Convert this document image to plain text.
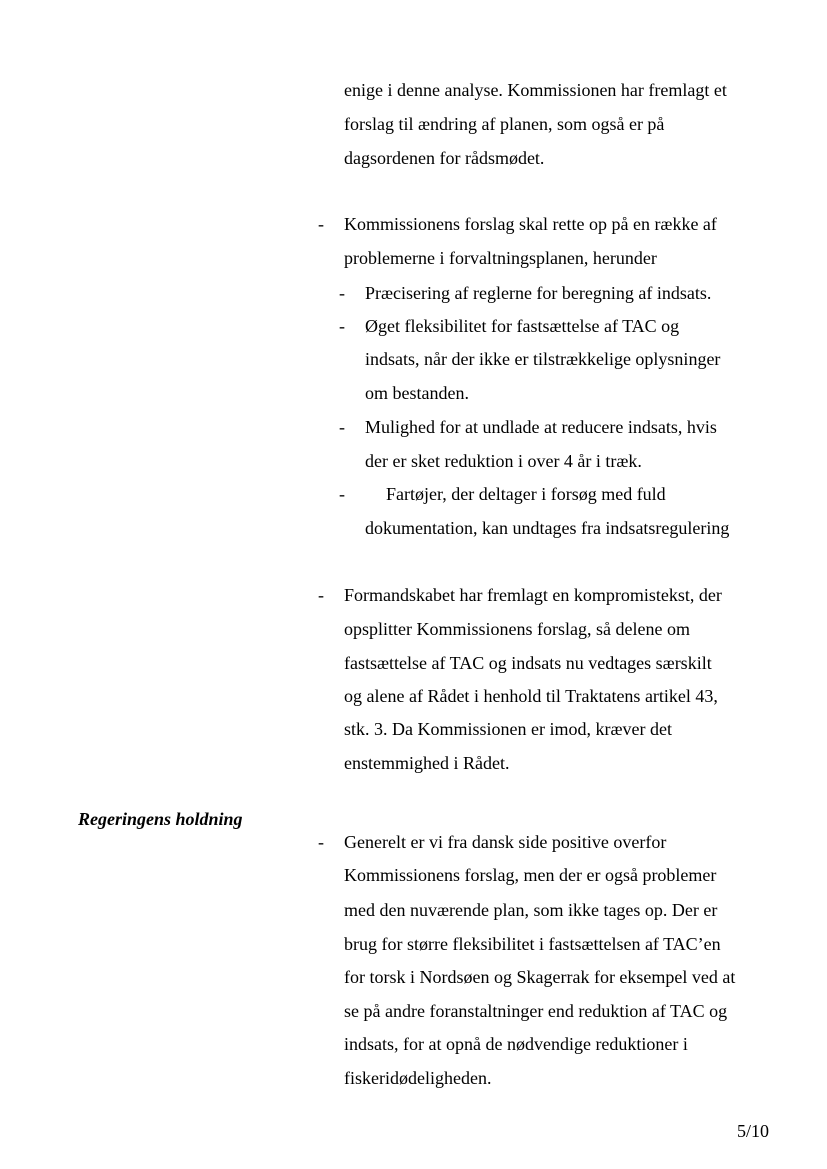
enige i denne analyse. Kommissionen har fremlagt et
forslag til ændring af planen, som også er på
dagsordenen for rådsmødet.
- Kommissionens forslag skal rette op på en række af
problemerne i forvaltningsplanen, herunder
- Præcisering af reglerne for beregning af indsats.
- Øget fleksibilitet for fastsættelse af TAC og
indsats, når der ikke er tilstrækkelige oplysninger
om bestanden.
- Mulighed for at undlade at reducere indsats, hvis
der er sket reduktion i over 4 år i træk.
- Fartøjer, der deltager i forsøg med fuld
dokumentation, kan undtages fra indsatsregulering
- Formandskabet har fremlagt en kompromistekst, der
opsplitter Kommissionens forslag, så delene om
fastsættelse af TAC og indsats nu vedtages særskilt
og alene af Rådet i henhold til Traktatens artikel 43,
stk. 3. Da Kommissionen er imod, kræver det
enstemmighed i Rådet.
Regeringens holdning
- Generelt er vi fra dansk side positive overfor
Kommissionens forslag, men der er også problemer
med den nuværende plan, som ikke tages op. Der er
brug for større fleksibilitet i fastsættelsen af TAC’en
for torsk i Nordsøen og Skagerrak for eksempel ved at
se på andre foranstaltninger end reduktion af TAC og
indsats, for at opnå de nødvendige reduktioner i
fiskeridødeligheden.
5/10
